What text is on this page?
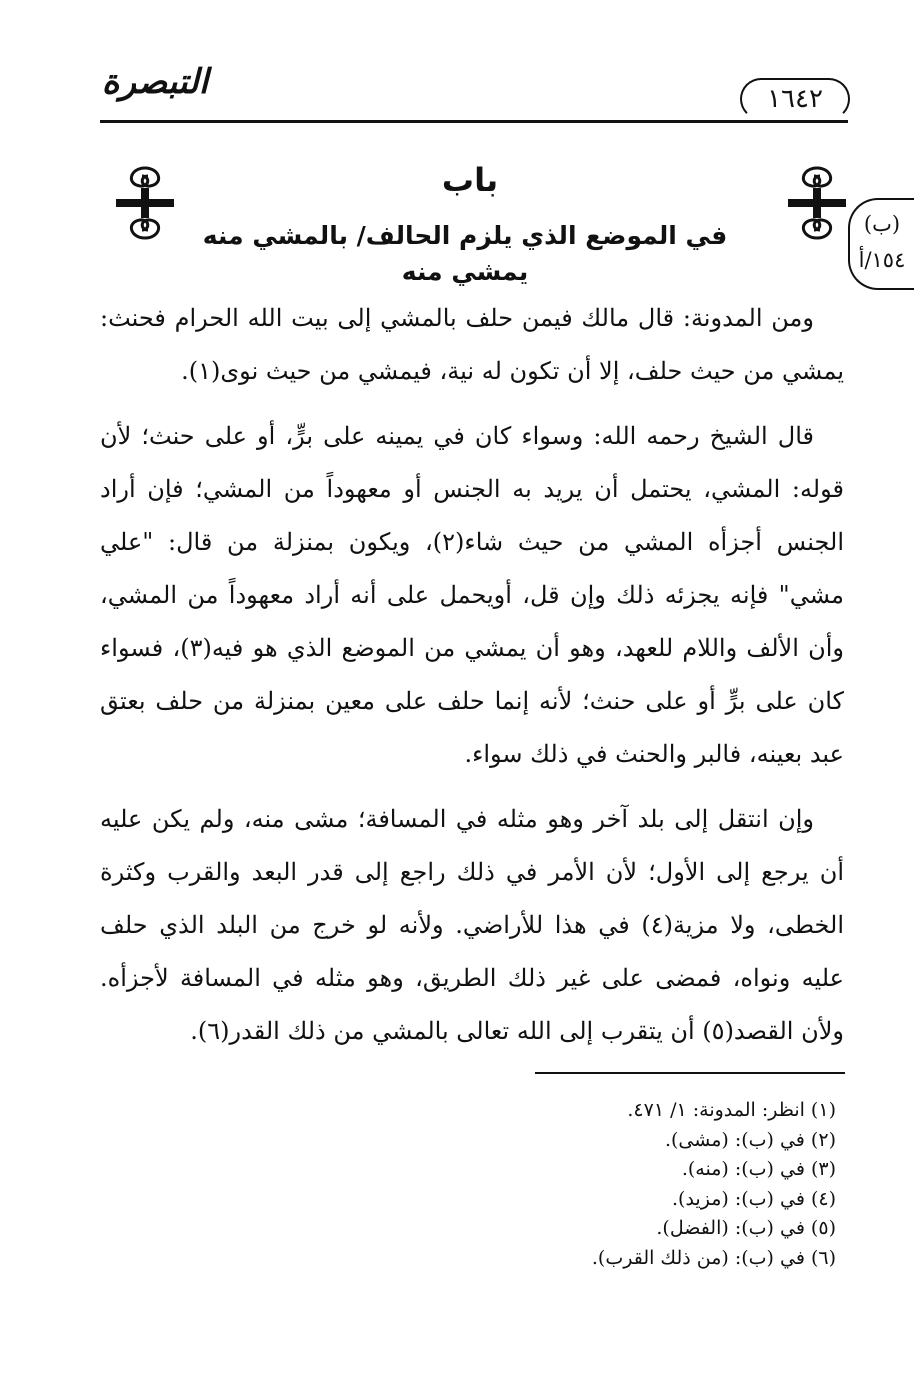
التبصرة	١٦٤٢
باب
في الموضع الذي يلزم الحالف/ بالمشي منه يمشي منه
(ب)
١٥٤/أ

ومن المدونة: قال مالك فيمن حلف بالمشي إلى بيت الله الحرام فحنث: يمشي من حيث حلف، إلا أن تكون له نية، فيمشي من حيث نوى(١).

قال الشيخ رحمه الله: وسواء كان في يمينه على برٍّ، أو على حنث؛ لأن قوله: المشي، يحتمل أن يريد به الجنس أو معهوداً من المشي؛ فإن أراد الجنس أجزأه المشي من حيث شاء(٢)، ويكون بمنزلة من قال: "علي مشي" فإنه يجزئه ذلك وإن قل، أويحمل على أنه أراد معهوداً من المشي، وأن الألف واللام للعهد، وهو أن يمشي من الموضع الذي هو فيه(٣)، فسواء كان على برٍّ أو على حنث؛ لأنه إنما حلف على معين بمنزلة من حلف بعتق عبد بعينه، فالبر والحنث في ذلك سواء.

وإن انتقل إلى بلد آخر وهو مثله في المسافة؛ مشى منه، ولم يكن عليه أن يرجع إلى الأول؛ لأن الأمر في ذلك راجع إلى قدر البعد والقرب وكثرة الخطى، ولا مزية(٤) في هذا للأراضي. ولأنه لو خرج من البلد الذي حلف عليه ونواه، فمضى على غير ذلك الطريق، وهو مثله في المسافة لأجزأه. ولأن القصد(٥) أن يتقرب إلى الله تعالى بالمشي من ذلك القدر(٦).

(١) انظر: المدونة: ١/ ٤٧١.
(٢) في (ب): (مشى).
(٣) في (ب): (منه).
(٤) في (ب): (مزيد).
(٥) في (ب): (الفضل).
(٦) في (ب): (من ذلك القرب).
